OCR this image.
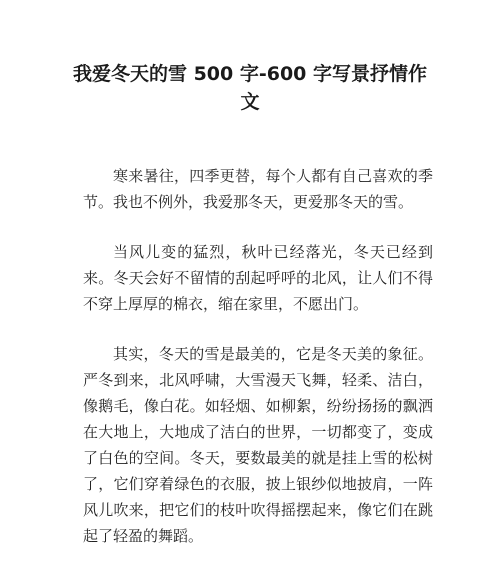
我爱冬天的雪 500 字-600 字写景抒情作文

寒来暑往，四季更替，每个人都有自己喜欢的季节。我也不例外，我爱那冬天，更爱那冬天的雪。

当风儿变的猛烈，秋叶已经落光，冬天已经到来。冬天会好不留情的刮起呼呼的北风，让人们不得不穿上厚厚的棉衣，缩在家里，不愿出门。

其实，冬天的雪是最美的，它是冬天美的象征。严冬到来，北风呼啸，大雪漫天飞舞，轻柔、洁白，像鹅毛，像白花。如轻烟、如柳絮，纷纷扬扬的飘洒在大地上，大地成了洁白的世界，一切都变了，变成了白色的空间。冬天，要数最美的就是挂上雪的松树了，它们穿着绿色的衣服，披上银纱似地披肩，一阵风儿吹来，把它们的枝叶吹得摇摆起来，像它们在跳起了轻盈的舞蹈。
